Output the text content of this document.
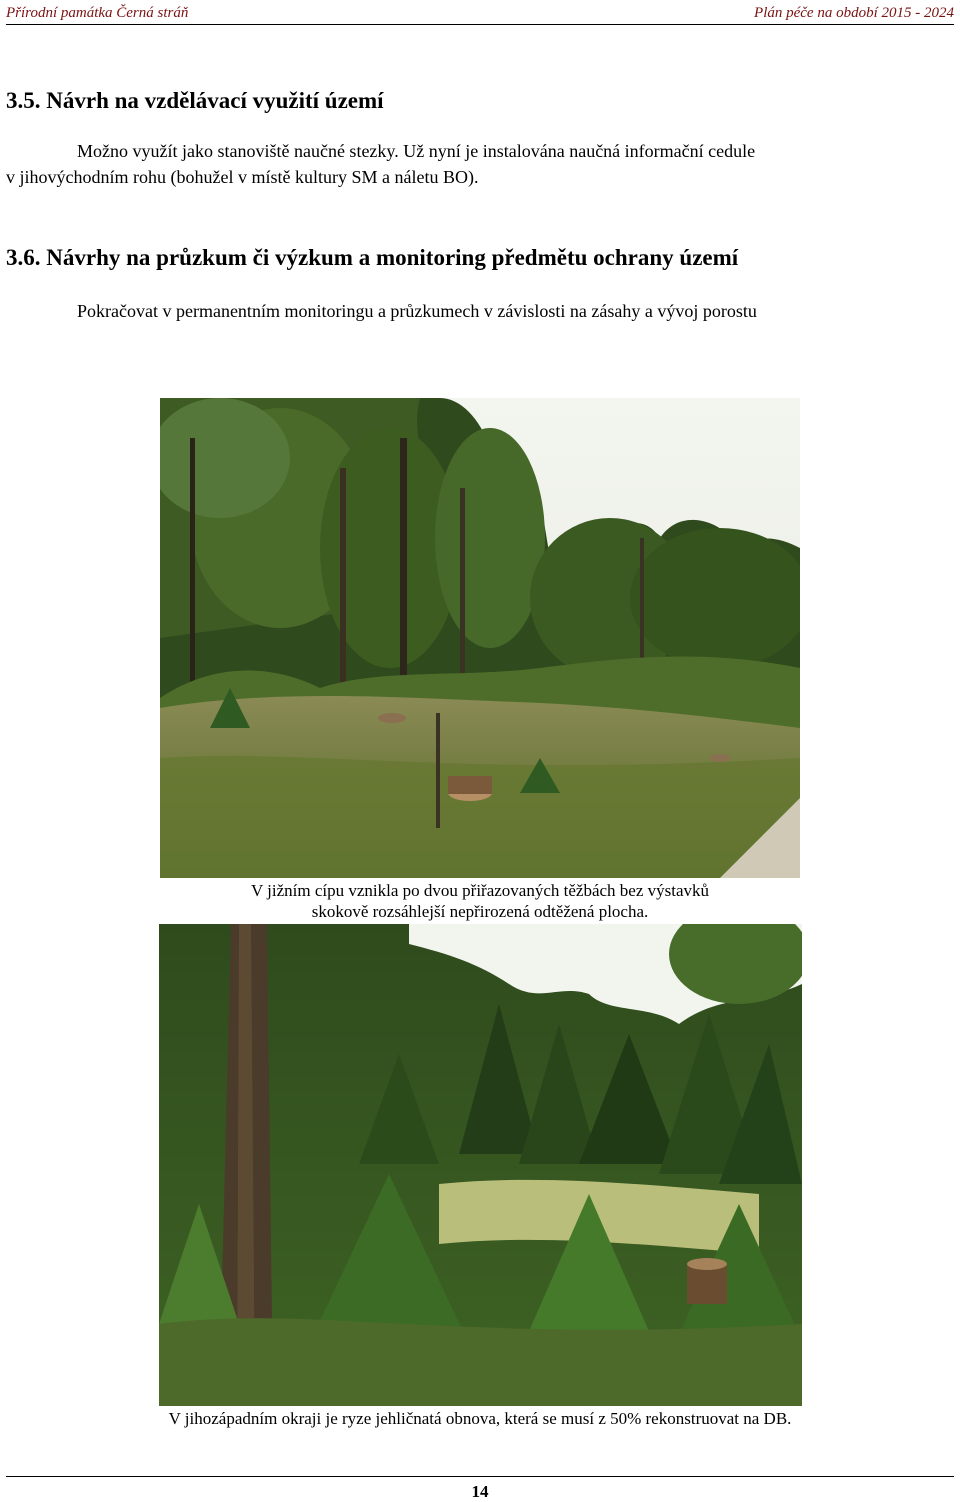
Přírodní památka Černá stráň	Plán péče na období 2015 - 2024
3.5. Návrh na vzdělávací využití území

Možno využít jako stanoviště naučné stezky. Už nyní je instalována naučná informační cedule

v jihovýchodním rohu (bohužel v místě kultury SM a náletu BO).

3.6. Návrhy na průzkum či výzkum a monitoring předmětu ochrany území

Pokračovat v permanentním monitoringu a průzkumech v závislosti na zásahy a vývoj porostu

V jižním cípu vznikla po dvou přiřazovaných těžbách bez výstavků

skokově rozsáhlejší nepřirozená odtěžená plocha.

V jihozápadním okraji je ryze jehličnatá obnova, která se musí z 50% rekonstruovat na DB.

14
